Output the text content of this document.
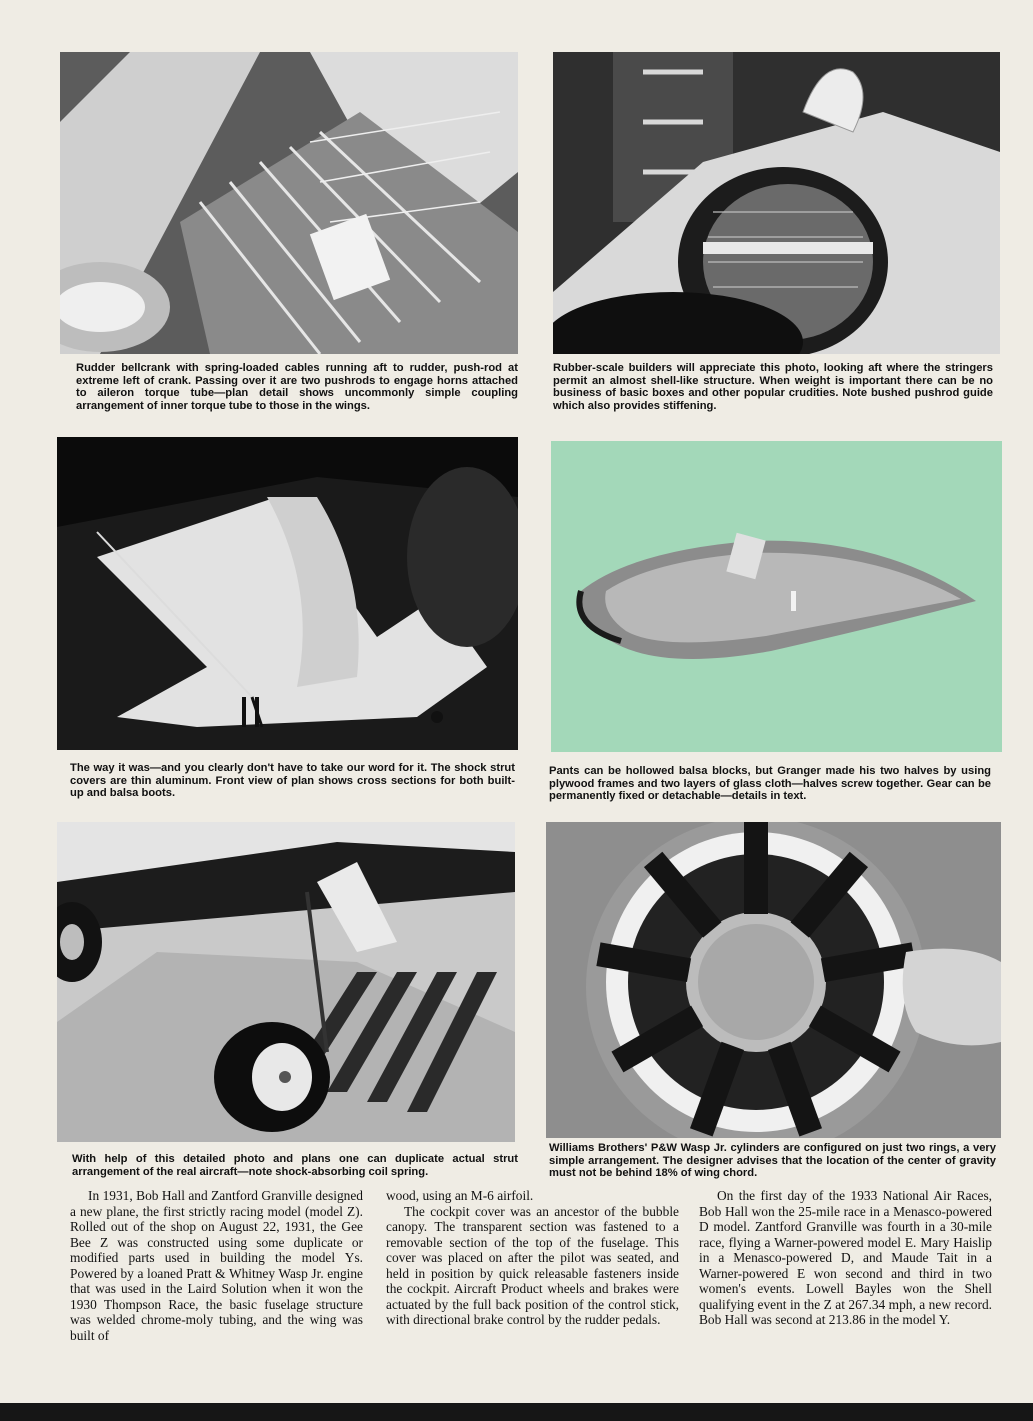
Rudder bellcrank with spring-loaded cables running aft to rudder, push-rod at extreme left of crank. Passing over it are two pushrods to engage horns attached to aileron torque tube—plan detail shows uncommonly simple coupling arrangement of inner torque tube to those in the wings.

Rubber-scale builders will appreciate this photo, looking aft where the stringers permit an almost shell-like structure. When weight is important there can be no business of basic boxes and other popular crudities. Note bushed pushrod guide which also provides stiffening.

The way it was—and you clearly don't have to take our word for it. The shock strut covers are thin aluminum. Front view of plan shows cross sections for both built-up and balsa boots.

Pants can be hollowed balsa blocks, but Granger made his two halves by using plywood frames and two layers of glass cloth—halves screw together. Gear can be permanently fixed or detachable—details in text.

With help of this detailed photo and plans one can duplicate actual strut arrangement of the real aircraft—note shock-absorbing coil spring.

Williams Brothers' P&W Wasp Jr. cylinders are configured on just two rings, a very simple arrangement. The designer advises that the location of the center of gravity must not be behind 18% of wing chord.

In 1931, Bob Hall and Zantford Granville designed a new plane, the first strictly racing model (model Z). Rolled out of the shop on August 22, 1931, the Gee Bee Z was constructed using some duplicate or modified parts used in building the model Ys. Powered by a loaned Pratt & Whitney Wasp Jr. engine that was used in the Laird Solution when it won the 1930 Thompson Race, the basic fuselage structure was welded chrome-moly tubing, and the wing was built of

wood, using an M-6 airfoil.

The cockpit cover was an ancestor of the bubble canopy. The transparent section was fastened to a removable section of the top of the fuselage. This cover was placed on after the pilot was seated, and held in position by quick releasable fasteners inside the cockpit. Aircraft Product wheels and brakes were actuated by the full back position of the control stick, with directional brake control by the rudder pedals.

On the first day of the 1933 National Air Races, Bob Hall won the 25-mile race in a Menasco-powered D model. Zantford Granville was fourth in a 30-mile race, flying a Warner-powered model E. Mary Haislip in a Menasco-powered D, and Maude Tait in a Warner-powered E won second and third in two women's events. Lowell Bayles won the Shell qualifying event in the Z at 267.34 mph, a new record. Bob Hall was second at 213.86 in the model Y.
